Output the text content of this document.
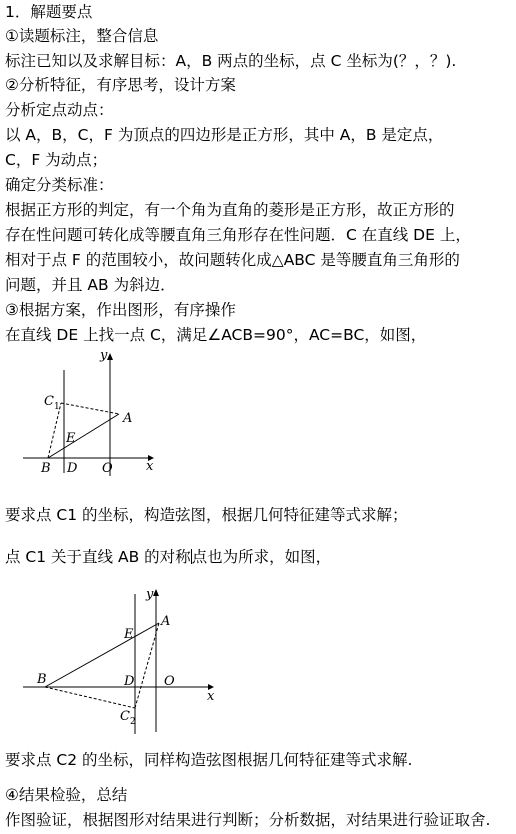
1．解题要点
①读题标注，整合信息
标注已知以及求解目标：A，B 两点的坐标，点 C 坐标为(？，？).
②分析特征，有序思考，设计方案
分析定点动点：
以 A，B，C，F 为顶点的四边形是正方形，其中 A，B 是定点，
C，F 为动点；
确定分类标准：
根据正方形的判定，有一个角为直角的菱形是正方形，故正方形的
存在性问题可转化成等腰直角三角形存在性问题．C 在直线 DE 上，
相对于点 F 的范围较小，故问题转化成△ABC 是等腰直角三角形的
问题，并且 AB 为斜边．
③根据方案，作出图形，有序操作
在直线 DE 上找一点 C，满足∠ACB=90°，AC=BC，如图，
y
x
$C_1$
A
E
B D O
要求点 C1 的坐标，构造弦图，根据几何特征建等式求解；
点 C1 关于直线 AB 的对称点也为所求，如图，
y
x
E
A
B	D O
$C_2$
要求点 C2 的坐标，同样构造弦图根据几何特征建等式求解.
④结果检验，总结
作图验证，根据图形对结果进行判断；分析数据，对结果进行验证取舍.
